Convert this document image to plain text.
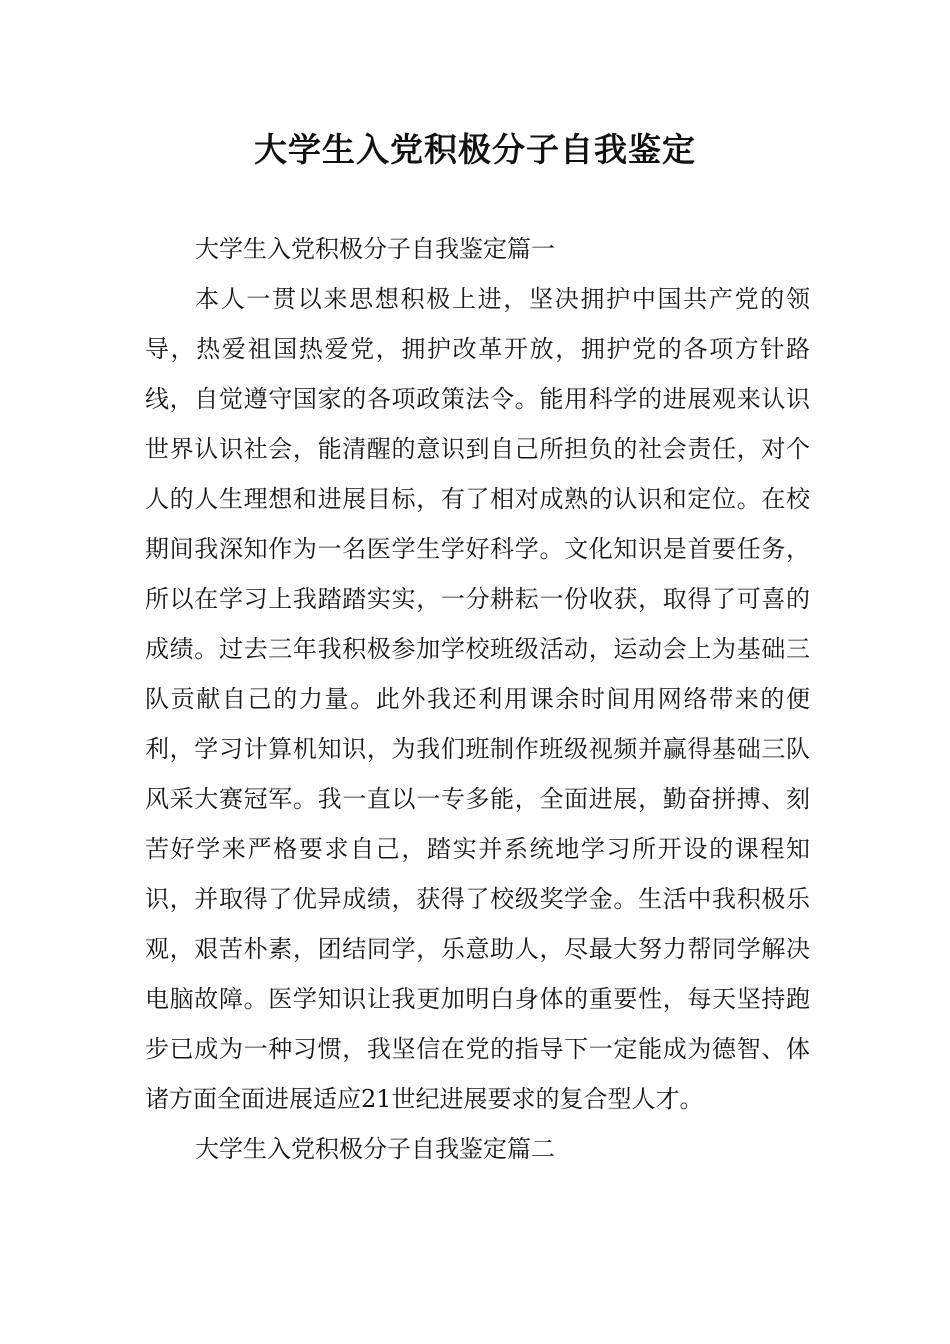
大学生入党积极分子自我鉴定

大学生入党积极分子自我鉴定篇一

本人一贯以来思想积极上进，坚决拥护中国共产党的领导，热爱祖国热爱党，拥护改革开放，拥护党的各项方针路线，自觉遵守国家的各项政策法令。能用科学的进展观来认识世界认识社会，能清醒的意识到自己所担负的社会责任，对个人的人生理想和进展目标，有了相对成熟的认识和定位。在校期间我深知作为一名医学生学好科学。文化知识是首要任务，所以在学习上我踏踏实实，一分耕耘一份收获，取得了可喜的成绩。过去三年我积极参加学校班级活动，运动会上为基础三队贡献自己的力量。此外我还利用课余时间用网络带来的便利，学习计算机知识，为我们班制作班级视频并赢得基础三队风采大赛冠军。我一直以一专多能，全面进展，勤奋拼搏、刻苦好学来严格要求自己，踏实并系统地学习所开设的课程知识，并取得了优异成绩，获得了校级奖学金。生活中我积极乐观，艰苦朴素，团结同学，乐意助人，尽最大努力帮同学解决电脑故障。医学知识让我更加明白身体的重要性，每天坚持跑步已成为一种习惯，我坚信在党的指导下一定能成为德智、体诸方面全面进展适应21世纪进展要求的复合型人才。

大学生入党积极分子自我鉴定篇二
